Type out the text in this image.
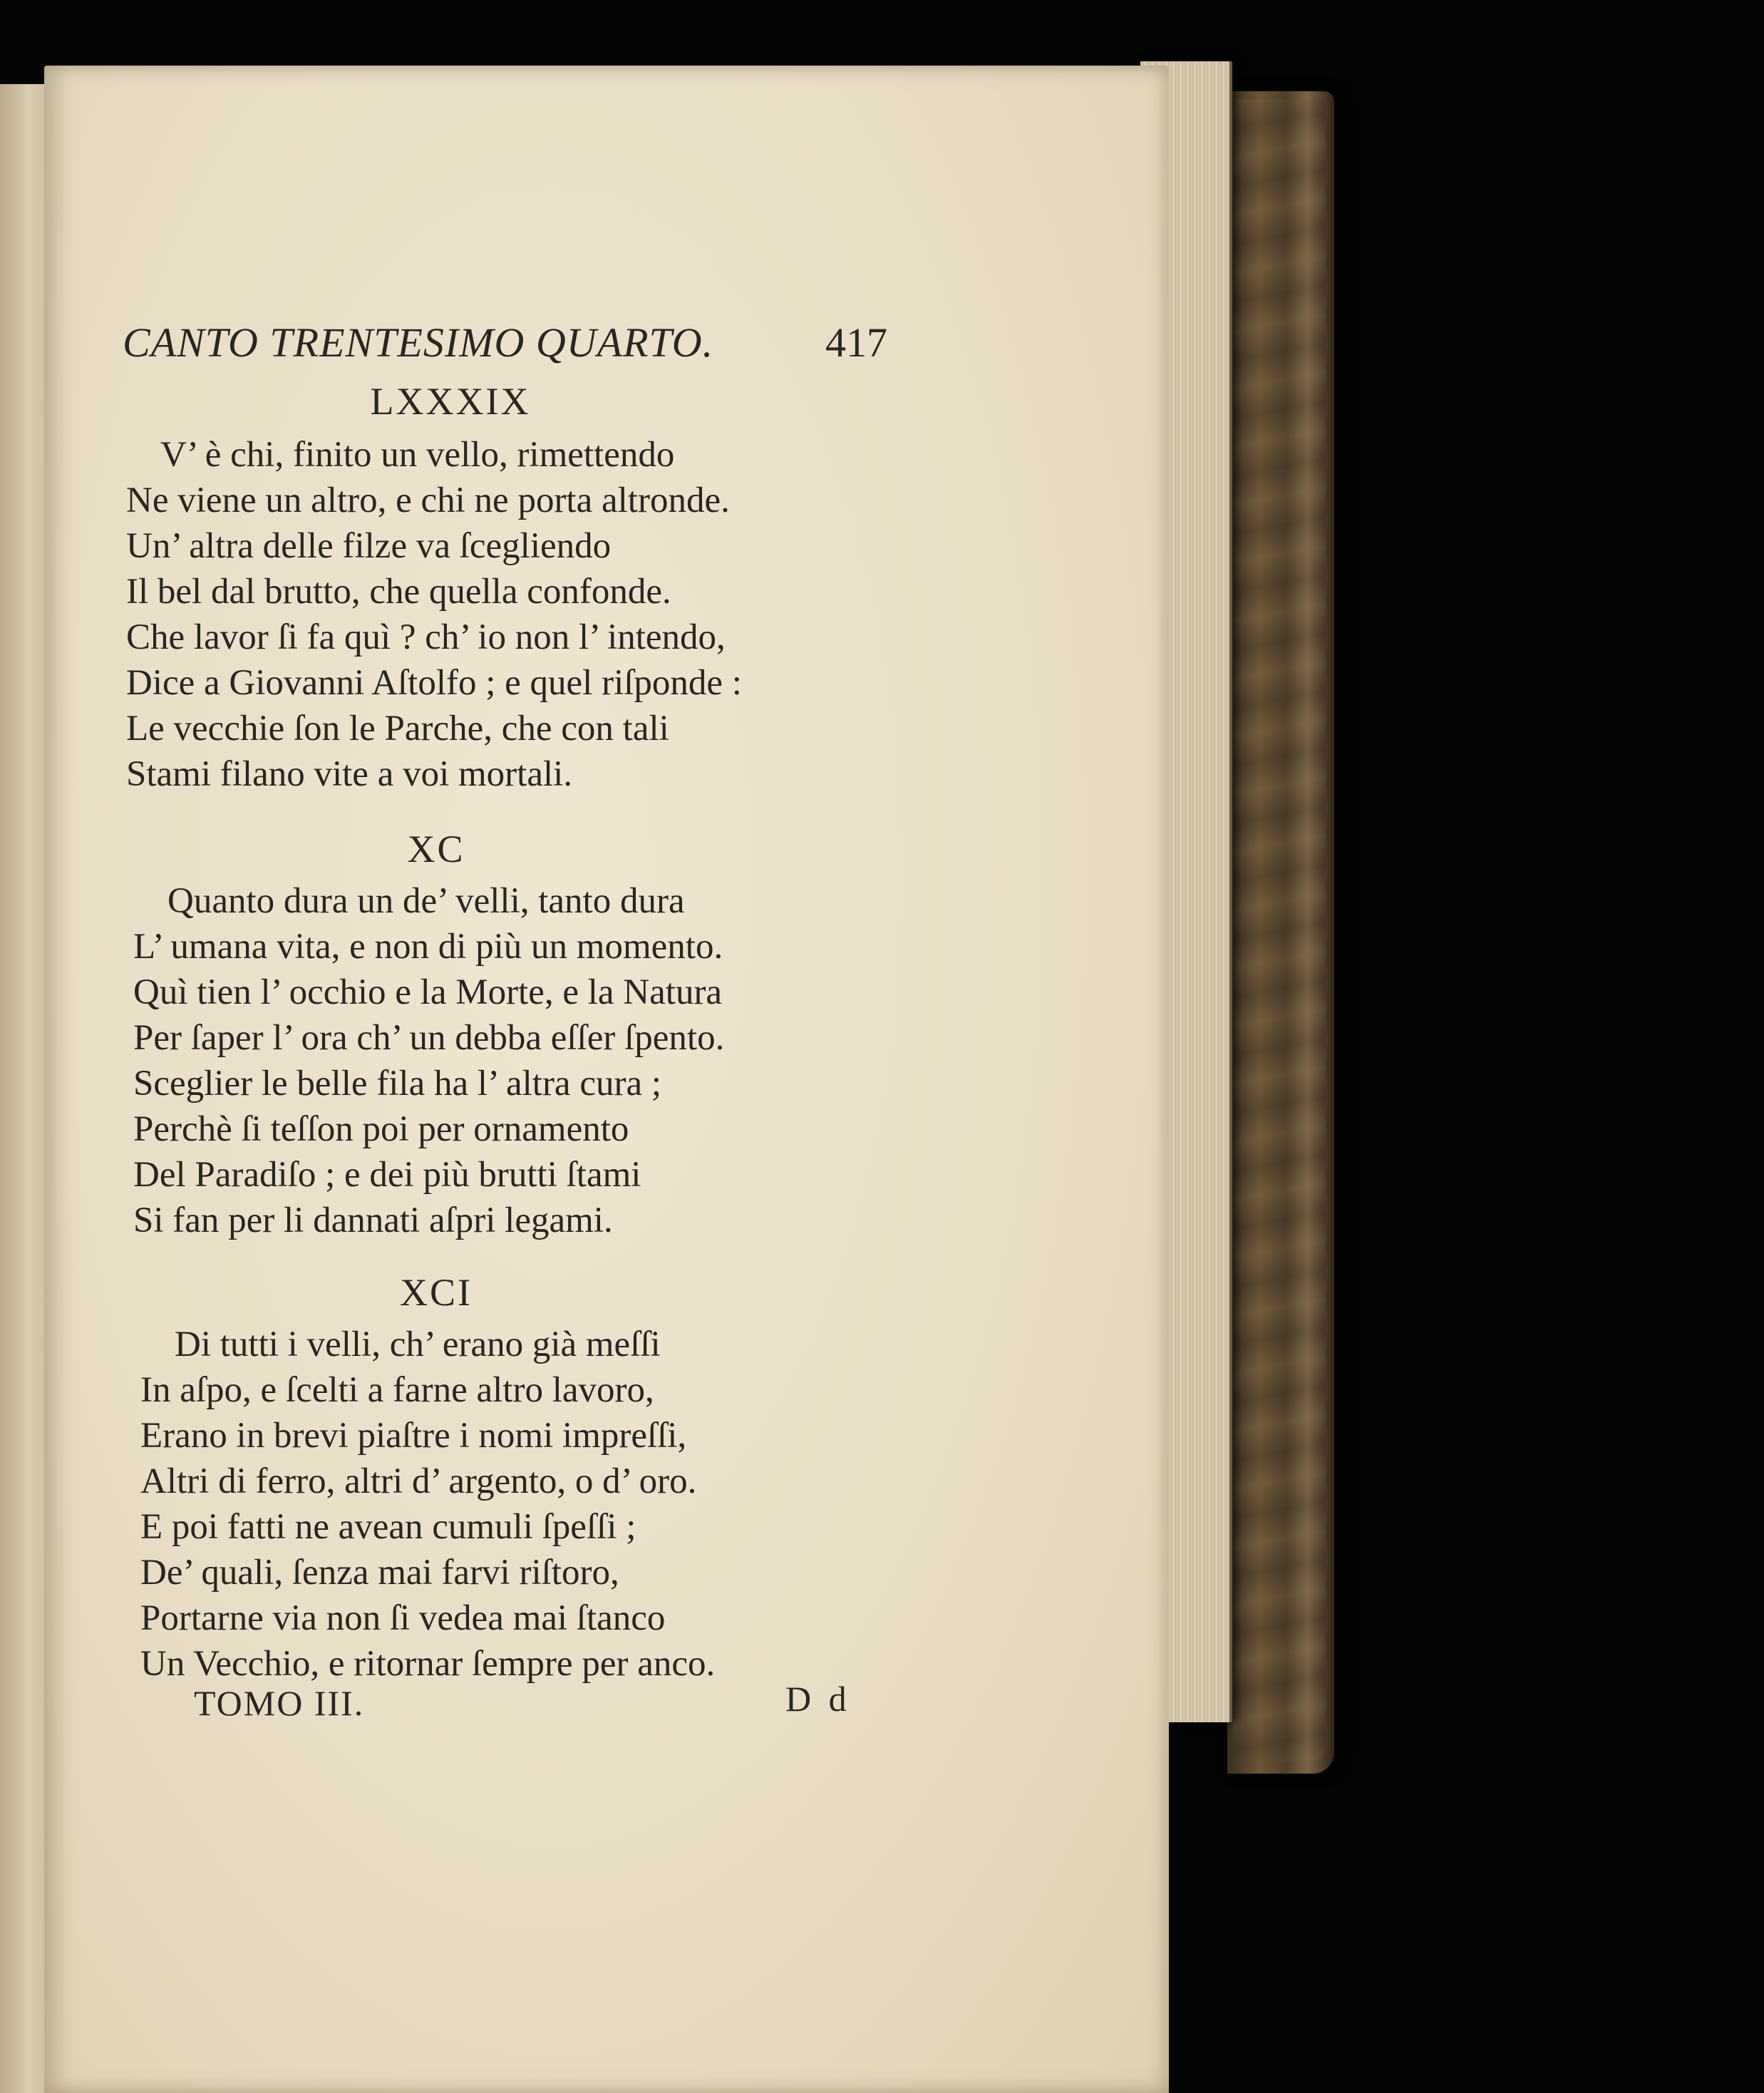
CANTO TRENTESIMO QUARTO.	417
LXXXIX
V’ è chi, finito un vello, rimettendo
Ne viene un altro, e chi ne porta altronde.
Un’ altra delle filze va ſcegliendo
Il bel dal brutto, che quella confonde.
Che lavor ſi fa quì ? ch’ io non l’ intendo,
Dice a Giovanni Aſtolfo ; e quel riſponde :
Le vecchie ſon le Parche, che con tali
Stami filano vite a voi mortali.
XC
Quanto dura un de’ velli, tanto dura
L’ umana vita, e non di più un momento.
Quì tien l’ occhio e la Morte, e la Natura
Per ſaper l’ ora ch’ un debba eſſer ſpento.
Sceglier le belle fila ha l’ altra cura ;
Perchè ſi teſſon poi per ornamento
Del Paradiſo ; e dei più brutti ſtami
Si fan per li dannati aſpri legami.
XCI
Di tutti i velli, ch’ erano già meſſi
In aſpo, e ſcelti a farne altro lavoro,
Erano in brevi piaſtre i nomi impreſſi,
Altri di ferro, altri d’ argento, o d’ oro.
E poi fatti ne avean cumuli ſpeſſi ;
De’ quali, ſenza mai farvi riſtoro,
Portarne via non ſi vedea mai ſtanco
Un Vecchio, e ritornar ſempre per anco.
TOMO III.	D d
